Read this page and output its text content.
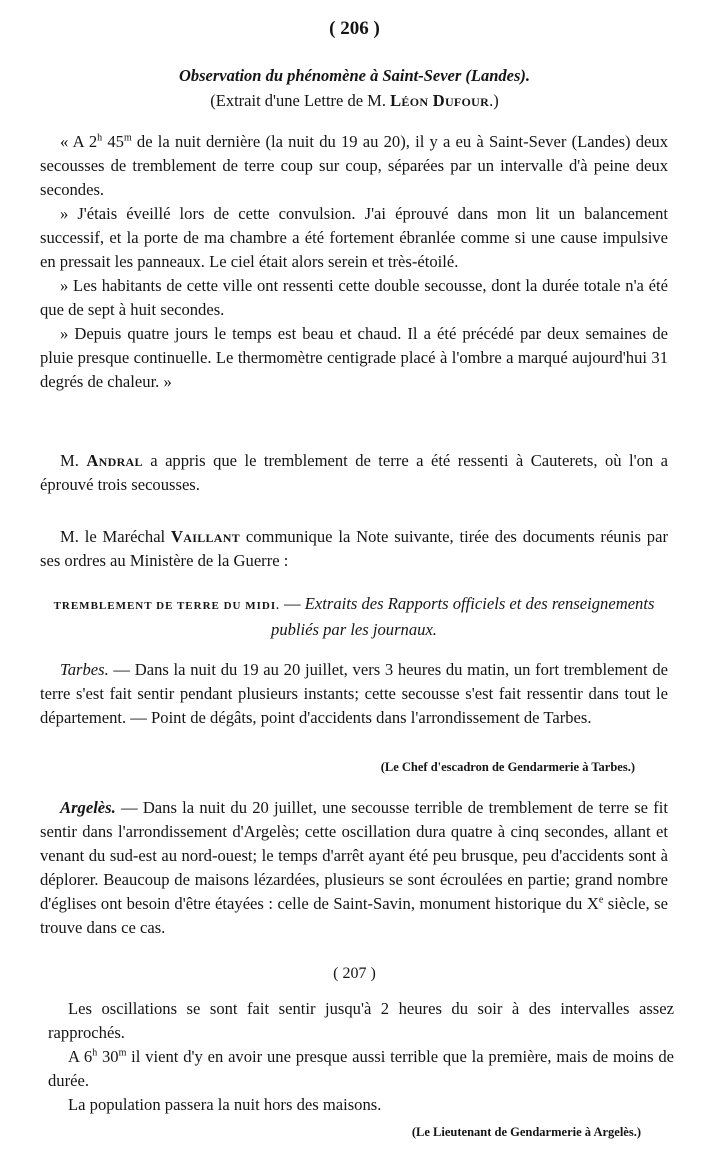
( 206 )
Observation du phénomène à Saint-Sever (Landes).
(Extrait d'une Lettre de M. Léon Dufour.)

« A 2$^h$ 45$^m$ de la nuit dernière (la nuit du 19 au 20), il y a eu à Saint-Sever (Landes) deux secousses de tremblement de terre coup sur coup, séparées par un intervalle d'à peine deux secondes.

» J'étais éveillé lors de cette convulsion. J'ai éprouvé dans mon lit un balancement successif, et la porte de ma chambre a été fortement ébranlée comme si une cause impulsive en pressait les panneaux. Le ciel était alors serein et très-étoilé.

» Les habitants de cette ville ont ressenti cette double secousse, dont la durée totale n'a été que de sept à huit secondes.

» Depuis quatre jours le temps est beau et chaud. Il a été précédé par deux semaines de pluie presque continuelle. Le thermomètre centigrade placé à l'ombre a marqué aujourd'hui 31 degrés de chaleur. »

M. Andral a appris que le tremblement de terre a été ressenti à Cauterets, où l'on a éprouvé trois secousses.

M. le Maréchal Vaillant communique la Note suivante, tirée des documents réunis par ses ordres au Ministère de la Guerre :

TREMBLEMENT DE TERRE DU MIDI. — Extraits des Rapports officiels et des renseignements publiés par les journaux.

Tarbes. — Dans la nuit du 19 au 20 juillet, vers 3 heures du matin, un fort tremblement de terre s'est fait sentir pendant plusieurs instants; cette secousse s'est fait ressentir dans tout le département. — Point de dégâts, point d'accidents dans l'arrondissement de Tarbes.

(Le Chef d'escadron de Gendarmerie à Tarbes.)

Argelès. — Dans la nuit du 20 juillet, une secousse terrible de tremblement de terre se fit sentir dans l'arrondissement d'Argelès; cette oscillation dura quatre à cinq secondes, allant et venant du sud-est au nord-ouest; le temps d'arrêt ayant été peu brusque, peu d'accidents sont à déplorer. Beaucoup de maisons lézardées, plusieurs se sont écroulées en partie; grand nombre d'églises ont besoin d'être étayées : celle de Saint-Savin, monument historique du Xe siècle, se trouve dans ce cas.

( 207 )

Les oscillations se sont fait sentir jusqu'à 2 heures du soir à des intervalles assez rapprochés.

A 6$^h$ 30$^m$ il vient d'y en avoir une presque aussi terrible que la première, mais de moins de durée.

La population passera la nuit hors des maisons.

(Le Lieutenant de Gendarmerie à Argelès.)
